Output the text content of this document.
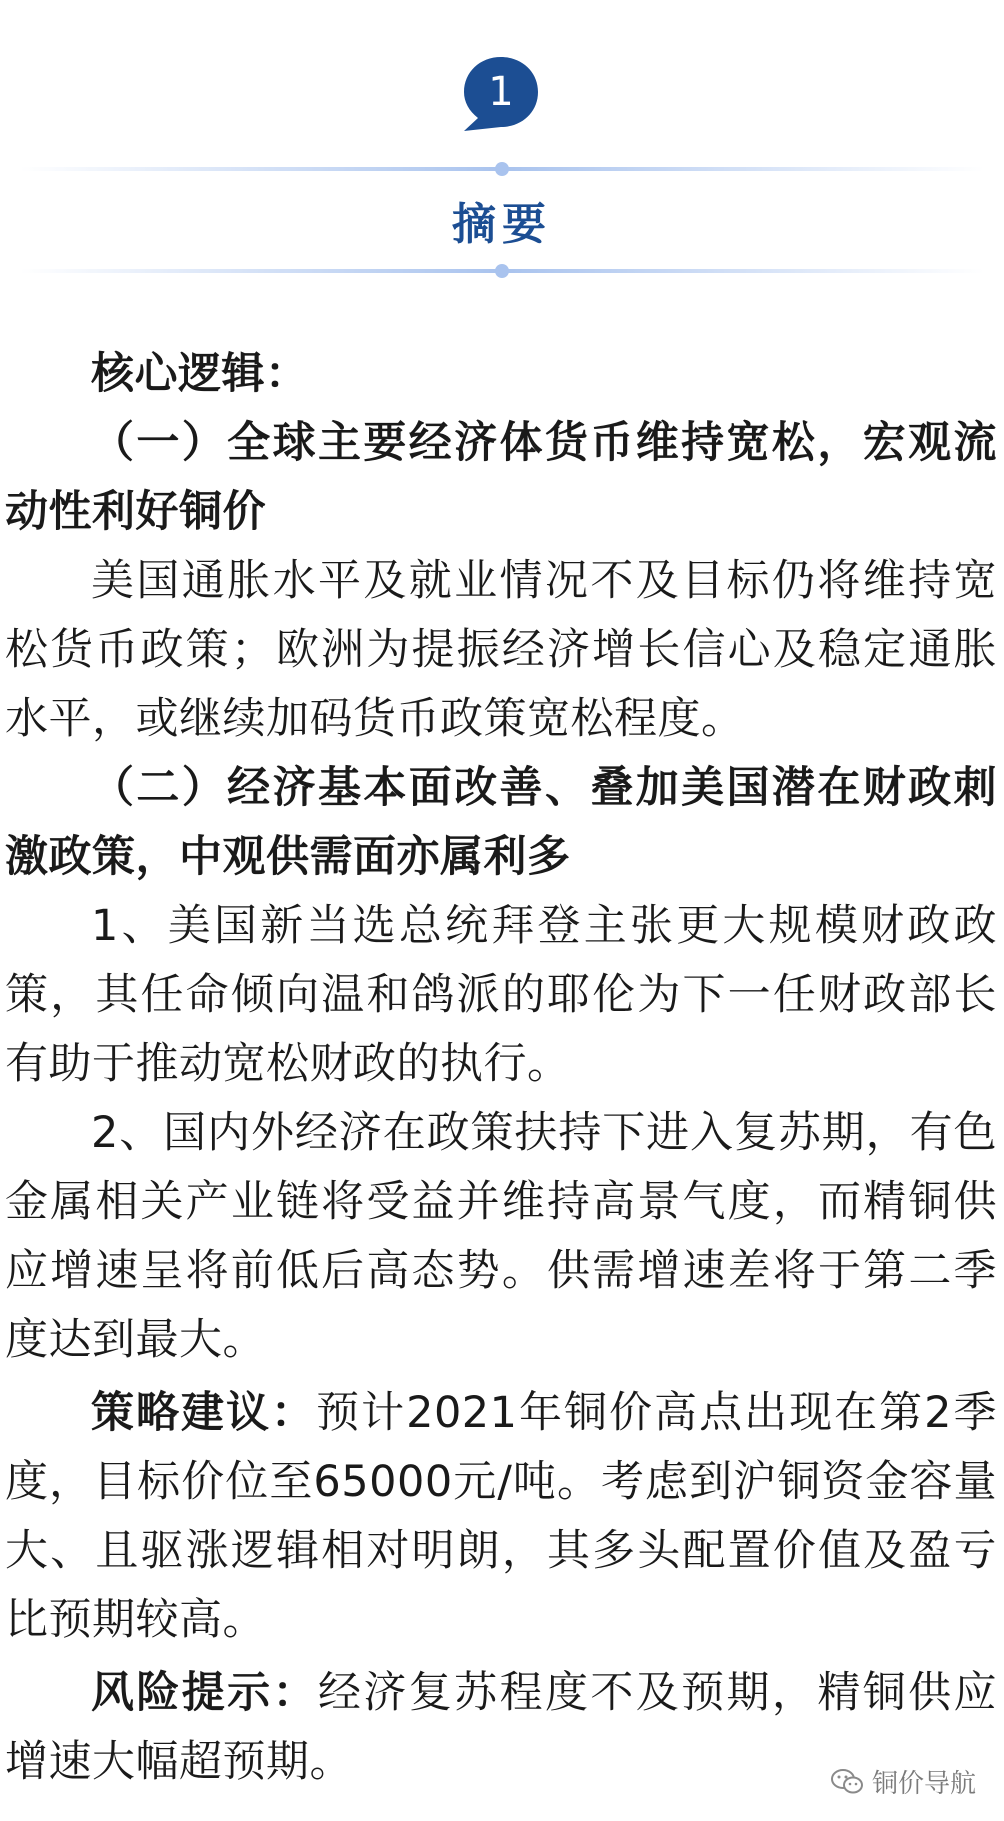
1
摘要

核心逻辑：

（一）全球主要经济体货币维持宽松，宏观流动性利好铜价

美国通胀水平及就业情况不及目标仍将维持宽松货币政策；欧洲为提振经济增长信心及稳定通胀水平，或继续加码货币政策宽松程度。

（二）经济基本面改善、叠加美国潜在财政刺激政策，中观供需面亦属利多

1、美国新当选总统拜登主张更大规模财政政策，其任命倾向温和鸽派的耶伦为下一任财政部长有助于推动宽松财政的执行。

2、国内外经济在政策扶持下进入复苏期，有色金属相关产业链将受益并维持高景气度，而精铜供应增速呈将前低后高态势。供需增速差将于第二季度达到最大。

策略建议：预计2021年铜价高点出现在第2季度，目标价位至65000元/吨。考虑到沪铜资金容量大、且驱涨逻辑相对明朗，其多头配置价值及盈亏比预期较高。

风险提示：经济复苏程度不及预期，精铜供应增速大幅超预期。	铜价导航
